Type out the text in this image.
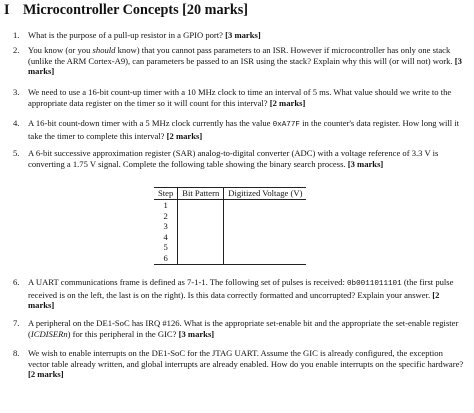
I Microcontroller Concepts [20 marks]
1. What is the purpose of a pull-up resistor in a GPIO port? [3 marks]
2. You know (or you should know) that you cannot pass parameters to an ISR. However if microcontroller has only one stack (unlike the ARM Cortex-A9), can parameters be passed to an ISR using the stack? Explain why this will (or will not) work. [3 marks]
3. We need to use a 16-bit count-up timer with a 10 MHz clock to time an interval of 5 ms. What value should we write to the appropriate data register on the timer so it will count for this interval? [2 marks]
4. A 16-bit count-down timer with a 5 MHz clock currently has the value 0xA77F in the counter's data register. How long will it take the timer to complete this interval? [2 marks]
5. A 6-bit successive approximation register (SAR) analog-to-digital converter (ADC) with a voltage reference of 3.3 V is converting a 1.75 V signal. Complete the following table showing the binary search process. [3 marks]
Step	Bit Pattern	Digitized Voltage (V)
1		
2		
3		
4		
5		
6		
6. A UART communications frame is defined as 7-1-1. The following set of pulses is received: 0b0011011101 (the first pulse received is on the left, the last is on the right). Is this data correctly formatted and uncorrupted? Explain your answer. [2 marks]
7. A peripheral on the DE1-SoC has IRQ #126. What is the appropriate set-enable bit and the appropriate the set-enable register (ICDISERn) for this peripheral in the GIC? [3 marks]
8. We wish to enable interrupts on the DE1-SoC for the JTAG UART. Assume the GIC is already configured, the exception vector table already written, and global interrupts are already enabled. How do you enable interrupts on the specific hardware? [2 marks]
